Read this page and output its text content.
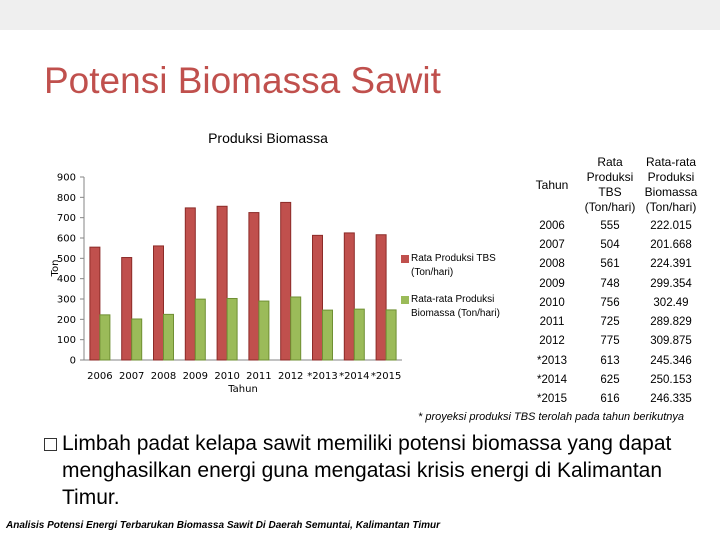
Potensi Biomassa Sawit
Produksi Biomassa
0
100
200
300
400
500
600
700
800
900
2006 2007 2008 2009 2010 2011 2012 *2013 *2014 *2015
Tahun
Ton
Rata Produksi TBS (Ton/hari)
Rata-rata Produksi Biomassa (Ton/hari)
Tahun	Rata Produksi TBS (Ton/hari)	Rata-rata Produksi Biomassa (Ton/hari)
2006	555	222.015
2007	504	201.668
2008	561	224.391
2009	748	299.354
2010	756	302.49
2011	725	289.829
2012	775	309.875
*2013	613	245.346
*2014	625	250.153
*2015	616	246.335
* proyeksi produksi TBS terolah pada tahun berikutnya
Limbah padat kelapa sawit memiliki potensi biomassa yang dapat menghasilkan energi guna mengatasi krisis energi di Kalimantan Timur.
Analisis Potensi Energi Terbarukan Biomassa Sawit Di Daerah Semuntai, Kalimantan Timur
